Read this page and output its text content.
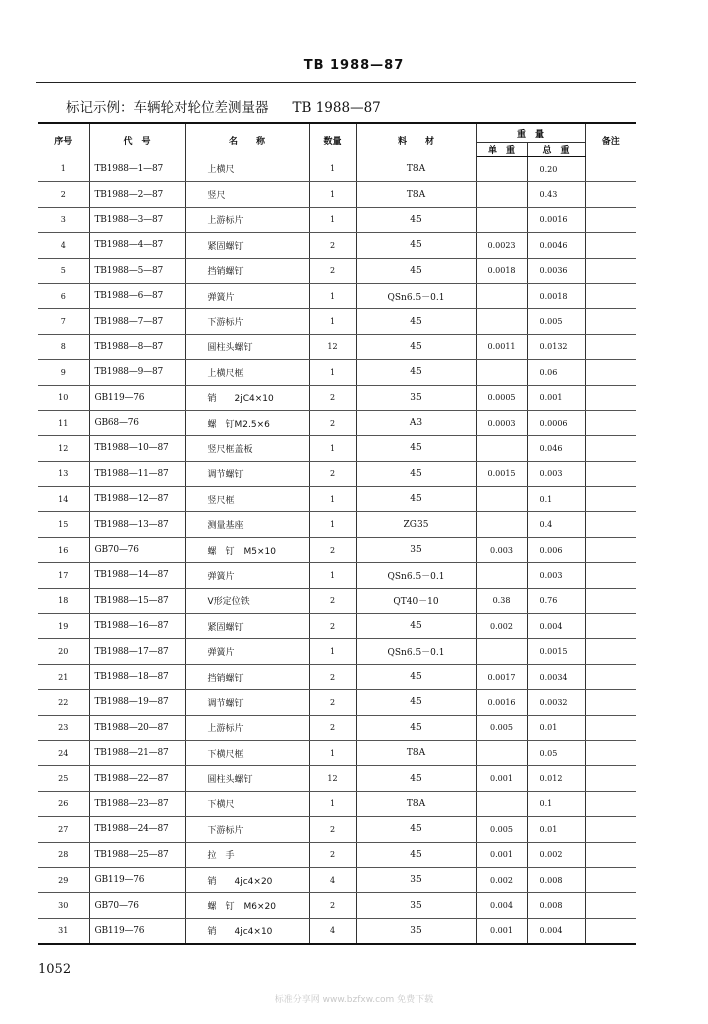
TB 1988—87
标记示例：车辆轮对轮位差测量器 TB 1988—87
序号	代　号	名　　称	数量	料　　材	重　量		备注
					单　重	总　重	
1	TB1988—1—87	上横尺	1	T8A		0.20	
2	TB1988—2—87	竖尺	1	T8A		0.43	
3	TB1988—3—87	上游标片	1	45		0.0016	
4	TB1988—4—87	紧固螺钉	2	45	0.0023	0.0046	
5	TB1988—5—87	挡销螺钉	2	45	0.0018	0.0036	
6	TB1988—6—87	弹簧片	1	QSn6.5－0.1		0.0018	
7	TB1988—7—87	下游标片	1	45		0.005	
8	TB1988—8—87	圆柱头螺钉	12	45	0.0011	0.0132	
9	TB1988—9—87	上横尺框	1	45		0.06	
10	GB119—76	销　　2jC4×10	2	35	0.0005	0.001	
11	GB68—76	螺　钉M2.5×6	2	A3	0.0003	0.0006	
12	TB1988—10—87	竖尺框盖板	1	45		0.046	
13	TB1988—11—87	调节螺钉	2	45	0.0015	0.003	
14	TB1988—12—87	竖尺框	1	45		0.1	
15	TB1988—13—87	测量基座	1	ZG35		0.4	
16	GB70—76	螺　钉　M5×10	2	35	0.003	0.006	
17	TB1988—14—87	弹簧片	1	QSn6.5－0.1		0.003	
18	TB1988—15—87	V形定位铁	2	QT40－10	0.38	0.76	
19	TB1988—16—87	紧固螺钉	2	45	0.002	0.004	
20	TB1988—17—87	弹簧片	1	QSn6.5－0.1		0.0015	
21	TB1988—18—87	挡销螺钉	2	45	0.0017	0.0034	
22	TB1988—19—87	调节螺钉	2	45	0.0016	0.0032	
23	TB1988—20—87	上游标片	2	45	0.005	0.01	
24	TB1988—21—87	下横尺框	1	T8A		0.05	
25	TB1988—22—87	圆柱头螺钉	12	45	0.001	0.012	
26	TB1988—23—87	下横尺	1	T8A		0.1	
27	TB1988—24—87	下游标片	2	45	0.005	0.01	
28	TB1988—25—87	拉　手	2	45	0.001	0.002	
29	GB119—76	销　　4jc4×20	4	35	0.002	0.008	
30	GB70—76	螺　钉　M6×20	2	35	0.004	0.008	
31	GB119—76	销　　4jc4×10	4	35	0.001	0.004	
1052
标准分享网 www.bzfxw.com 免费下载
